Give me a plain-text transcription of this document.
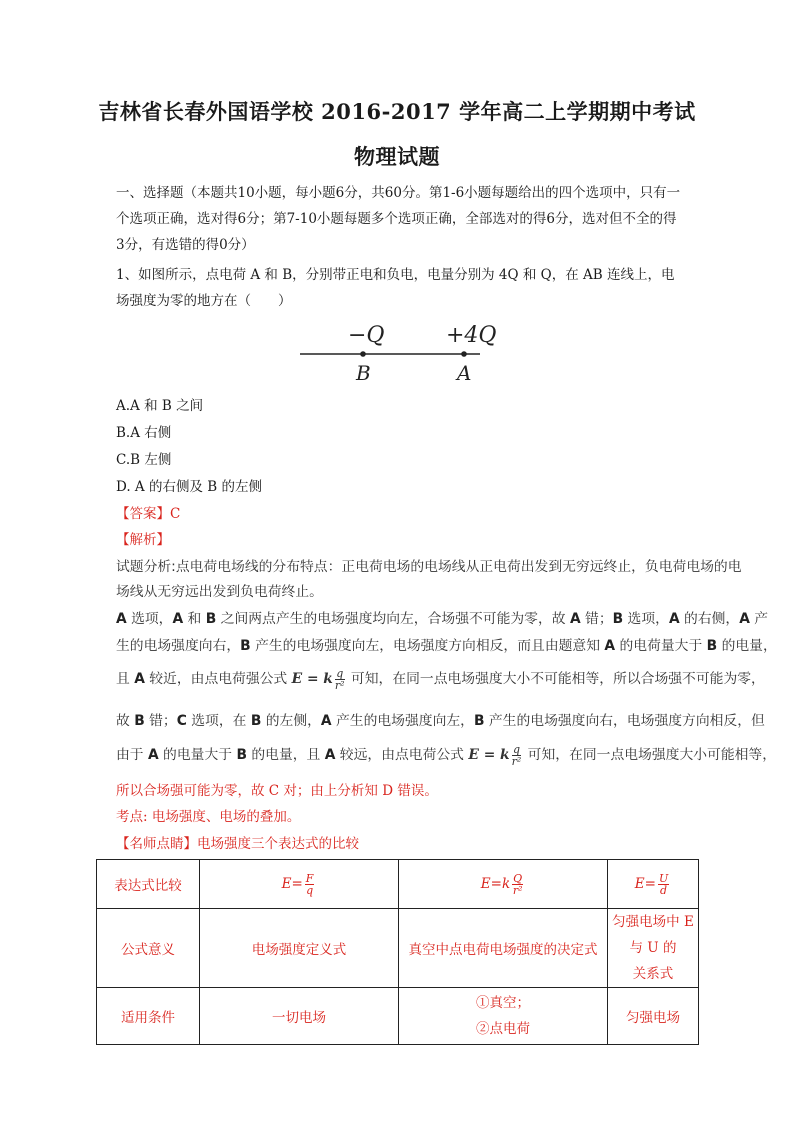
吉林省长春外国语学校 2016-2017 学年高二上学期期中考试
物理试题
一、选择题（本题共10小题，每小题6分，共60分。第1-6小题每题给出的四个选项中，只有一
个选项正确，选对得6分；第7-10小题每题多个选项正确，全部选对的得6分，选对但不全的得
3分，有选错的得0分）
1、如图所示，点电荷 A 和 B，分别带正电和负电，电量分别为 4Q 和 Q，在 AB 连线上，电
场强度为零的地方在（　　）
−Q	+4Q
B	A
A.A 和 B 之间
B.A 右侧
C.B 左侧
D. A 的右侧及 B 的左侧
【答案】C
【解析】
试题分析:点电荷电场线的分布特点：正电荷电场的电场线从正电荷出发到无穷远终止，负电荷电场的电
场线从无穷远出发到负电荷终止。
A 选项，A 和 B 之间两点产生的电场强度均向左，合场强不可能为零，故 A 错；B 选项，A 的右侧，A 产
生的电场强度向右，B 产生的电场强度向左，电场强度方向相反，而且由题意知 A 的电荷量大于 B 的电量，
且 A 较近，由点电荷强公式 E = k $\frac{q}{\text{r²}}$ 可知，在同一点电场强度大小不可能相等，所以合场强不可能为零，
故 B 错；C 选项，在 B 的左侧，A 产生的电场强度向左，B 产生的电场强度向右，电场强度方向相反，但
由于 A 的电量大于 B 的电量，且 A 较远，由点电荷公式 E = k $\frac{q}{\text{r²}}$ 可知，在同一点电场强度大小可能相等，
所以合场强可能为零，故 C 对；由上分析知 D 错误。
考点: 电场强度、电场的叠加。
【名师点睛】电场强度三个表达式的比较
表达式比较	$E= \frac{F}{q}$	$E=k \frac{Q}{\text{r²}}$	$E= \frac{U}{d}$

公式意义	电场强度定义式	真空中点电荷电场强度的决定式	匀强电场中 E 与 U 的
关系式

适用条件	一切电场	①真空；
②点电荷	匀强电场
